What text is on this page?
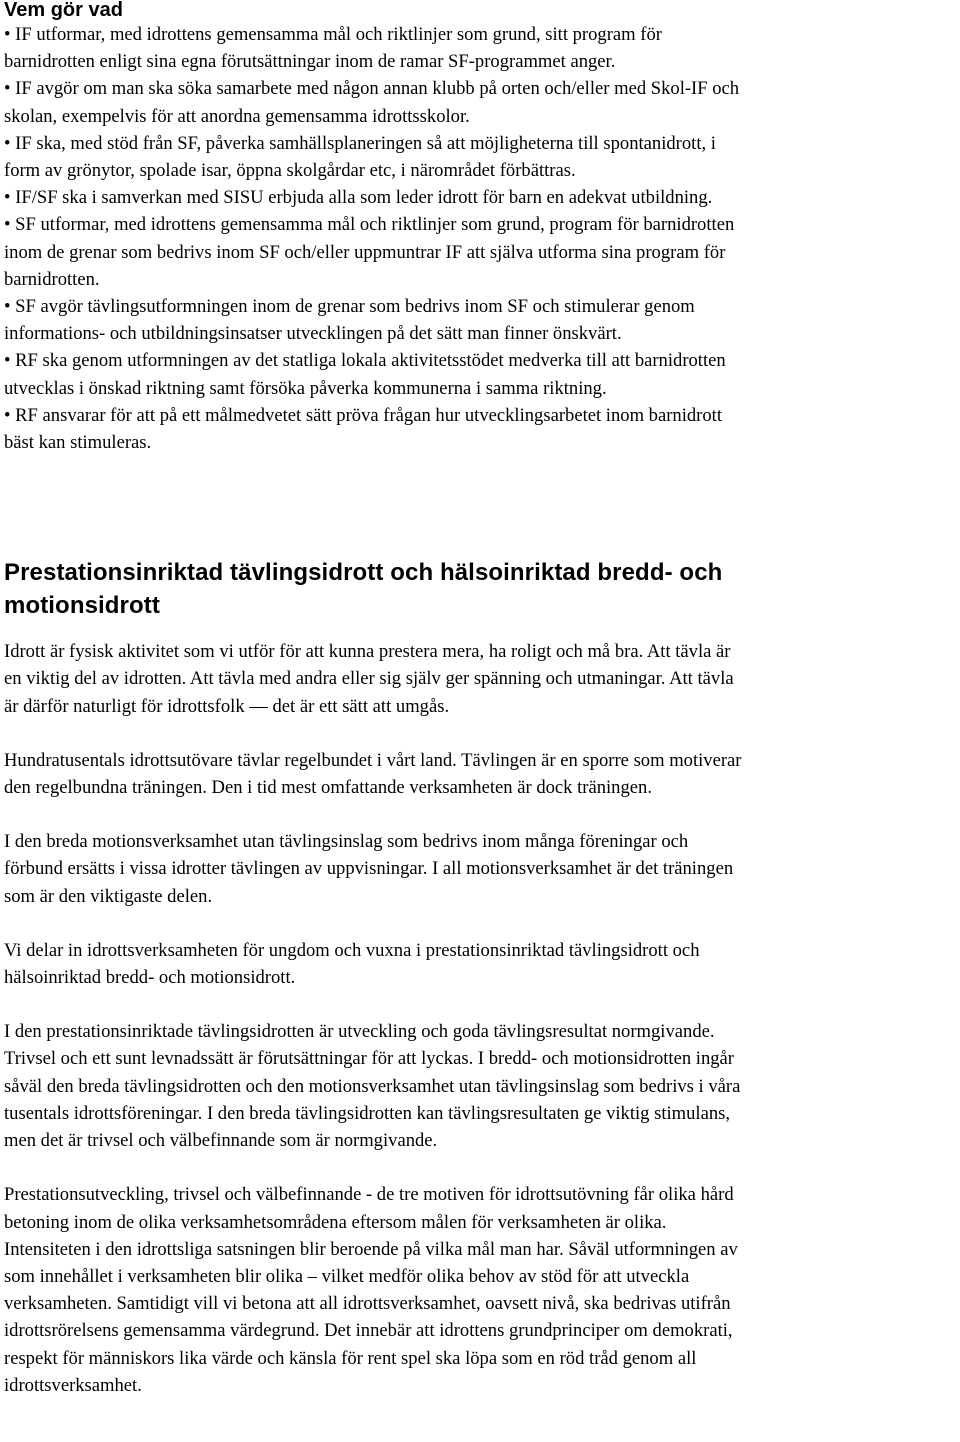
Vem gör vad

• IF utformar, med idrottens gemensamma mål och riktlinjer som grund, sitt program för

barnidrotten enligt sina egna förutsättningar inom de ramar SF-programmet anger.

• IF avgör om man ska söka samarbete med någon annan klubb på orten och/eller med Skol-IF och

skolan, exempelvis för att anordna gemensamma idrottsskolor.

• IF ska, med stöd från SF, påverka samhällsplaneringen så att möjligheterna till spontanidrott, i

form av grönytor, spolade isar, öppna skolgårdar etc, i närområdet förbättras.

• IF/SF ska i samverkan med SISU erbjuda alla som leder idrott för barn en adekvat utbildning.

• SF utformar, med idrottens gemensamma mål och riktlinjer som grund, program för barnidrotten

inom de grenar som bedrivs inom SF och/eller uppmuntrar IF att själva utforma sina program för

barnidrotten.

• SF avgör tävlingsutformningen inom de grenar som bedrivs inom SF och stimulerar genom

informations- och utbildningsinsatser utvecklingen på det sätt man finner önskvärt.

• RF ska genom utformningen av det statliga lokala aktivitetsstödet medverka till att barnidrotten

utvecklas i önskad riktning samt försöka påverka kommunerna i samma riktning.

• RF ansvarar för att på ett målmedvetet sätt pröva frågan hur utvecklingsarbetet inom barnidrott

bäst kan stimuleras.

Prestationsinriktad tävlingsidrott och hälsoinriktad bredd- och
motionsidrott

Idrott är fysisk aktivitet som vi utför för att kunna prestera mera, ha roligt och må bra. Att tävla är

en viktig del av idrotten. Att tävla med andra eller sig själv ger spänning och utmaningar. Att tävla

är därför naturligt för idrottsfolk — det är ett sätt att umgås.

Hundratusentals idrottsutövare tävlar regelbundet i vårt land. Tävlingen är en sporre som motiverar

den regelbundna träningen. Den i tid mest omfattande verksamheten är dock träningen.

I den breda motionsverksamhet utan tävlingsinslag som bedrivs inom många föreningar och

förbund ersätts i vissa idrotter tävlingen av uppvisningar. I all motionsverksamhet är det träningen

som är den viktigaste delen.

Vi delar in idrottsverksamheten för ungdom och vuxna i prestationsinriktad tävlingsidrott och

hälsoinriktad bredd- och motionsidrott.

I den prestationsinriktade tävlingsidrotten är utveckling och goda tävlingsresultat normgivande.

Trivsel och ett sunt levnadssätt är förutsättningar för att lyckas. I bredd- och motionsidrotten ingår

såväl den breda tävlingsidrotten och den motionsverksamhet utan tävlingsinslag som bedrivs i våra

tusentals idrottsföreningar. I den breda tävlingsidrotten kan tävlingsresultaten ge viktig stimulans,

men det är trivsel och välbefinnande som är normgivande.

Prestationsutveckling, trivsel och välbefinnande - de tre motiven för idrottsutövning får olika hård

betoning inom de olika verksamhetsområdena eftersom målen för verksamheten är olika.

Intensiteten i den idrottsliga satsningen blir beroende på vilka mål man har. Såväl utformningen av

som innehållet i verksamheten blir olika – vilket medför olika behov av stöd för att utveckla

verksamheten. Samtidigt vill vi betona att all idrottsverksamhet, oavsett nivå, ska bedrivas utifrån

idrottsrörelsens gemensamma värdegrund. Det innebär att idrottens grundprinciper om demokrati,

respekt för människors lika värde och känsla för rent spel ska löpa som en röd tråd genom all

idrottsverksamhet.
